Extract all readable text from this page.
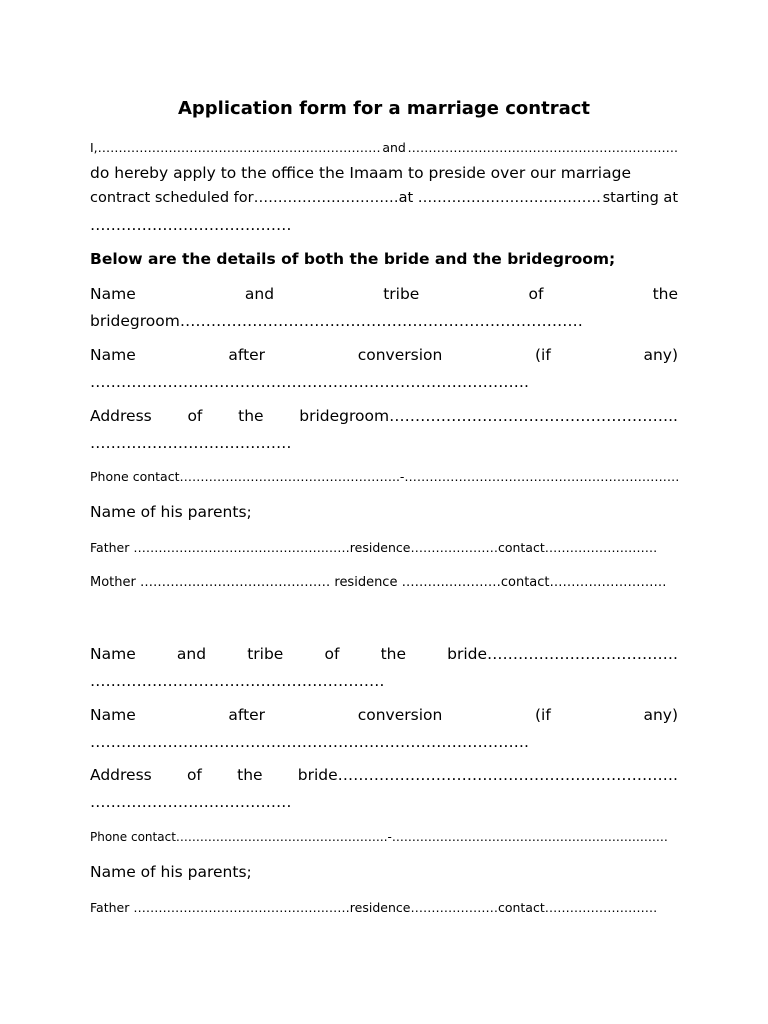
Application form for a marriage contract
I,……………………………..…………………………… and …………………………………………….………….
do hereby apply to the office the Imaam to preside over our marriage
contract scheduled for…………………………at ………………………..……… starting at
…………………………………
Below are the details of both the bride and the bridegroom;
Name	and	tribe	of	the
bridegroom……………………………………………………………………
Name	after	conversion	(if	any)
………………………………………………………………………….
Address of the bridegroom………………………………………………..
…………………………………
Phone contact……………………………………………..-…………………………………………………………
Name of his parents;
Father ……………………………………….……residence…………………contact………………………
Mother …………..………………………… residence ………..…………contact………………………
Name	and	tribe	of	the	bride……………………………….
…………………………………………………
Name	after	conversion	(if	any)
………………………………………………………………………….
Address of the bride…………………………………………..…………….
…………………………………
Phone contact……………………………………………..-……………………………………………………………
Name of his parents;
Father ……………………………………….……residence…………………contact………………………
